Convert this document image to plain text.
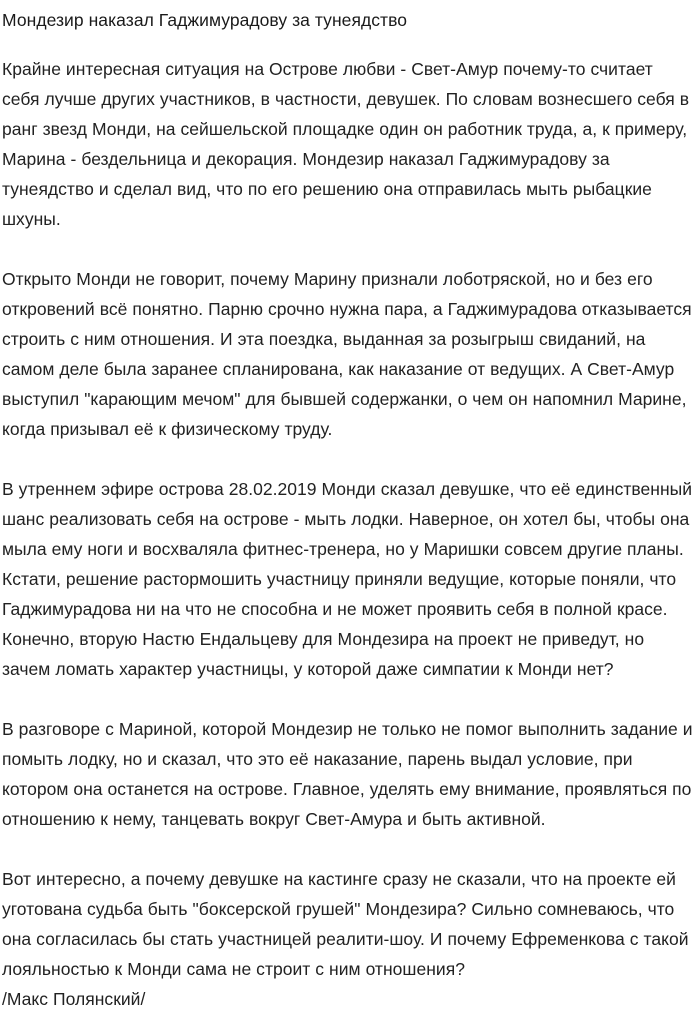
Мондезир наказал Гаджимурадову за тунеядство

Крайне интересная ситуация на Острове любви - Свет-Амур почему-то считает себя лучше других участников, в частности, девушек. По словам вознесшего себя в ранг звезд Монди, на сейшельской площадке один он работник труда, а, к примеру, Марина - бездельница и декорация. Мондезир наказал Гаджимурадову за тунеядство и сделал вид, что по его решению она отправилась мыть рыбацкие шхуны.

Открыто Монди не говорит, почему Марину признали лоботряской, но и без его откровений всё понятно. Парню срочно нужна пара, а Гаджимурадова отказывается строить с ним отношения. И эта поездка, выданная за розыгрыш свиданий, на самом деле была заранее спланирована, как наказание от ведущих. А Свет-Амур выступил "карающим мечом" для бывшей содержанки, о чем он напомнил Марине, когда призывал её к физическому труду.

В утреннем эфире острова 28.02.2019 Монди сказал девушке, что её единственный шанс реализовать себя на острове - мыть лодки. Наверное, он хотел бы, чтобы она мыла ему ноги и восхваляла фитнес-тренера, но у Маришки совсем другие планы. Кстати, решение растормошить участницу приняли ведущие, которые поняли, что Гаджимурадова ни на что не способна и не может проявить себя в полной красе. Конечно, вторую Настю Ендальцеву для Мондезира на проект не приведут, но зачем ломать характер участницы, у которой даже симпатии к Монди нет?

В разговоре с Мариной, которой Мондезир не только не помог выполнить задание и помыть лодку, но и сказал, что это её наказание, парень выдал условие, при котором она останется на острове. Главное, уделять ему внимание, проявляться по отношению к нему, танцевать вокруг Свет-Амура и быть активной.

Вот интересно, а почему девушке на кастинге сразу не сказали, что на проекте ей уготована судьба быть "боксерской грушей" Мондезира? Сильно сомневаюсь, что она согласилась бы стать участницей реалити-шоу. И почему Ефременкова с такой лояльностью к Монди сама не строит с ним отношения?

/Макс Полянский/
